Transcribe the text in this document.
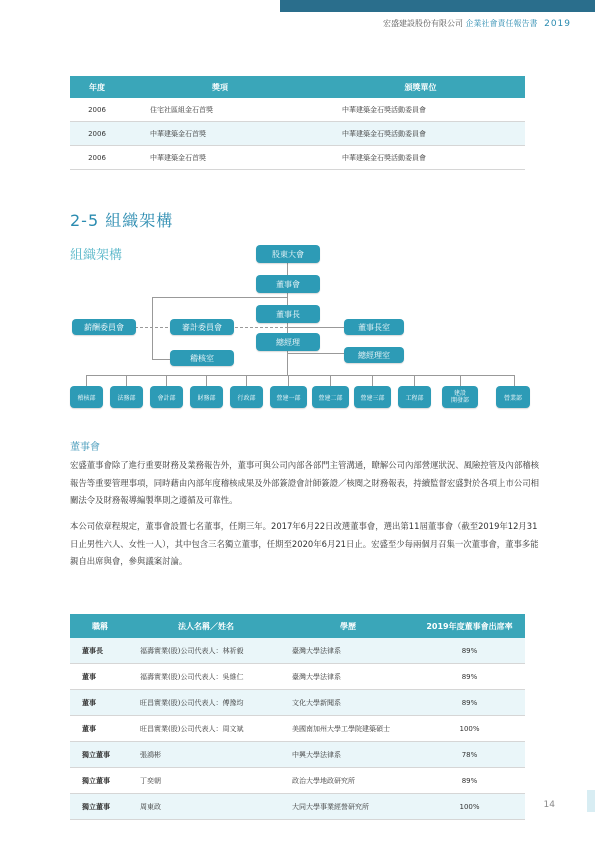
宏盛建設股份有限公司 企業社會責任報告書 2019
年度	獎項	頒獎單位
2006	住宅社區組金石首獎	中華建築金石獎活動委員會
2006	中華建築金石首獎	中華建築金石獎活動委員會
2006	中華建築金石首獎	中華建築金石獎活動委員會
2-5 組織架構
組織架構	股東大會
董事會
董事長
薪酬委員會	審計委員會	董事長室
總經理
稽核室	總經理室
稽核部	法務部	會計部	財務部	行政部	營建一部	營建二部	營建三部	工程部
建設
開發部	營業部
董事會
宏盛董事會除了進行重要財務及業務報告外，董事可與公司內部各部門主管溝通，瞭解公司內部營運狀況、風險控管及內部稽核報告等重要管理事項，同時藉由內部年度稽核成果及外部簽證會計師簽證／核閱之財務報表，持續監督宏盛對於各項上市公司相關法令及財務報導編製準則之遵循及可靠性。
本公司依章程規定，董事會設置七名董事，任期三年。2017年6月22日改選董事會，選出第11屆董事會（截至2019年12月31日止男性六人、女性一人），其中包含三名獨立董事，任期至2020年6月21日止。宏盛至少每兩個月召集一次董事會，董事多能親自出席與會，參與議案討論。
職稱	法人名稱／姓名	學歷	2019年度董事會出席率
董事長	福壽實業(股)公司代表人：林祈毅	臺灣大學法律系	89%
董事	福壽實業(股)公司代表人：吳維仁	臺灣大學法律系	89%
董事	旺昌實業(股)公司代表人：傅豫均	文化大學新聞系	89%
董事	旺昌實業(股)公司代表人：周文斌	美國南加州大學工學院建築碩士	100%
獨立董事	張鴻彬	中興大學法律系	78%
獨立董事	丁奕朝	政治大學地政研究所	89%
獨立董事	周東政	大同大學事業經營研究所	100%	14
